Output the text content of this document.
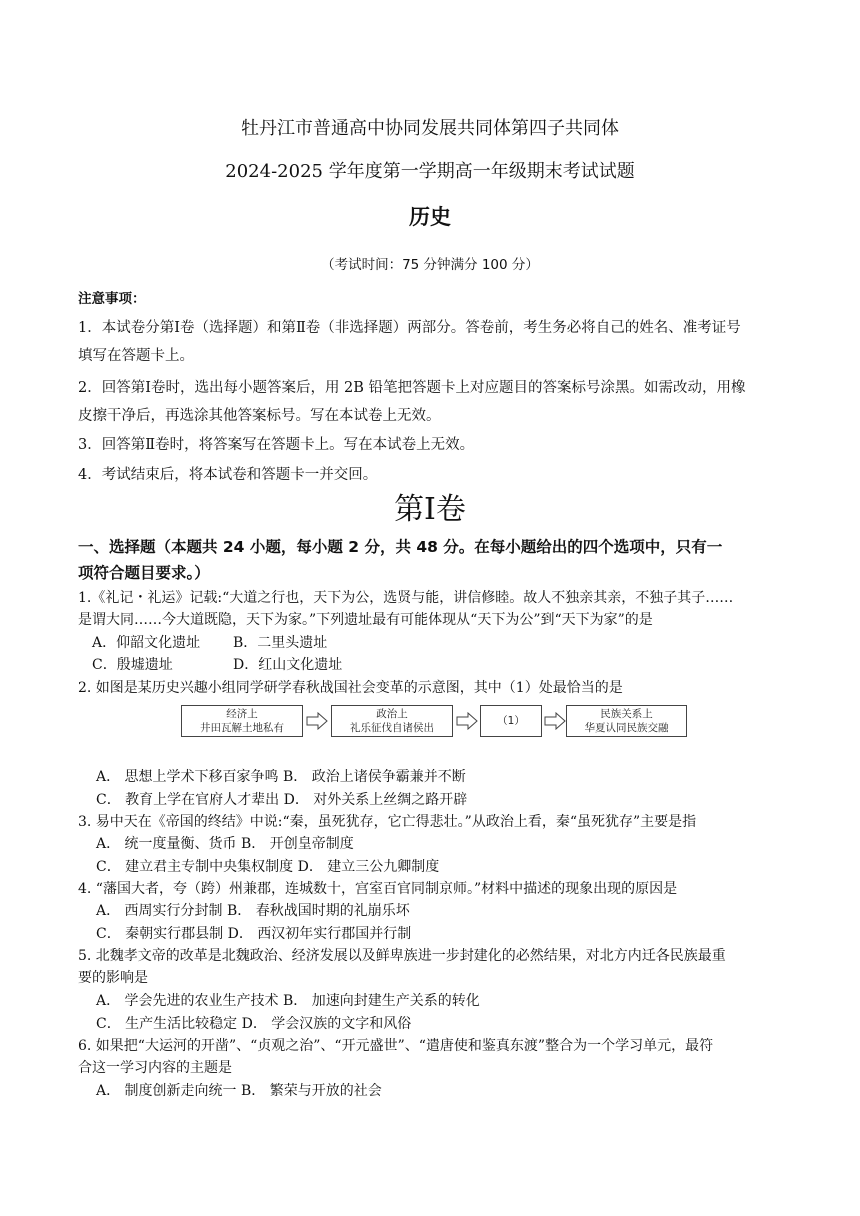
牡丹江市普通高中协同发展共同体第四子共同体
2024-2025 学年度第一学期高一年级期末考试试题
历史
（考试时间：75 分钟满分 100 分）
注意事项：
1．本试卷分第Ⅰ卷（选择题）和第Ⅱ卷（非选择题）两部分。答卷前，考生务必将自己的姓名、准考证号
填写在答题卡上。
2．回答第Ⅰ卷时，选出每小题答案后，用 2B 铅笔把答题卡上对应题目的答案标号涂黑。如需改动，用橡
皮擦干净后，再选涂其他答案标号。写在本试卷上无效。
3．回答第Ⅱ卷时，将答案写在答题卡上。写在本试卷上无效。
4．考试结束后，将本试卷和答题卡一并交回。
第Ⅰ卷
一、选择题（本题共 24 小题，每小题 2 分，共 48 分。在每小题给出的四个选项中，只有一
项符合题目要求。）
1.《礼记・礼运》记载:“大道之行也，天下为公，选贤与能，讲信修睦。故人不独亲其亲，不独子其子……
是谓大同……今大道既隐，天下为家。”下列遗址最有可能体现从“天下为公”到“天下为家”的是
A．仰韶文化遗址 B．二里头遗址
C．殷墟遗址	D．红山文化遗址
2. 如图是某历史兴趣小组同学研学春秋战国社会变革的示意图，其中（1）处最恰当的是
经济上
井田瓦解土地私有
政治上
礼乐征伐自诸侯出
（1）
民族关系上
华夏认同民族交融
A． 思想上学术下移百家争鸣 B． 政治上诸侯争霸兼并不断
C． 教育上学在官府人才辈出 D． 对外关系上丝绸之路开辟
3. 易中天在《帝国的终结》中说:“秦，虽死犹存，它亡得悲壮。”从政治上看，秦“虽死犹存”主要是指
A． 统一度量衡、货币 B． 开创皇帝制度
C． 建立君主专制中央集权制度 D． 建立三公九卿制度
4. “藩国大者，夸（跨）州兼郡，连城数十，宫室百官同制京师。”材料中描述的现象出现的原因是
A． 西周实行分封制 B． 春秋战国时期的礼崩乐坏
C． 秦朝实行郡县制 D． 西汉初年实行郡国并行制
5. 北魏孝文帝的改革是北魏政治、经济发展以及鲜卑族进一步封建化的必然结果，对北方内迁各民族最重
要的影响是
A． 学会先进的农业生产技术 B． 加速向封建生产关系的转化
C． 生产生活比较稳定 D． 学会汉族的文字和风俗
6. 如果把“大运河的开凿”、“贞观之治”、“开元盛世”、“遣唐使和鉴真东渡”整合为一个学习单元，最符
合这一学习内容的主题是
A． 制度创新走向统一 B． 繁荣与开放的社会
